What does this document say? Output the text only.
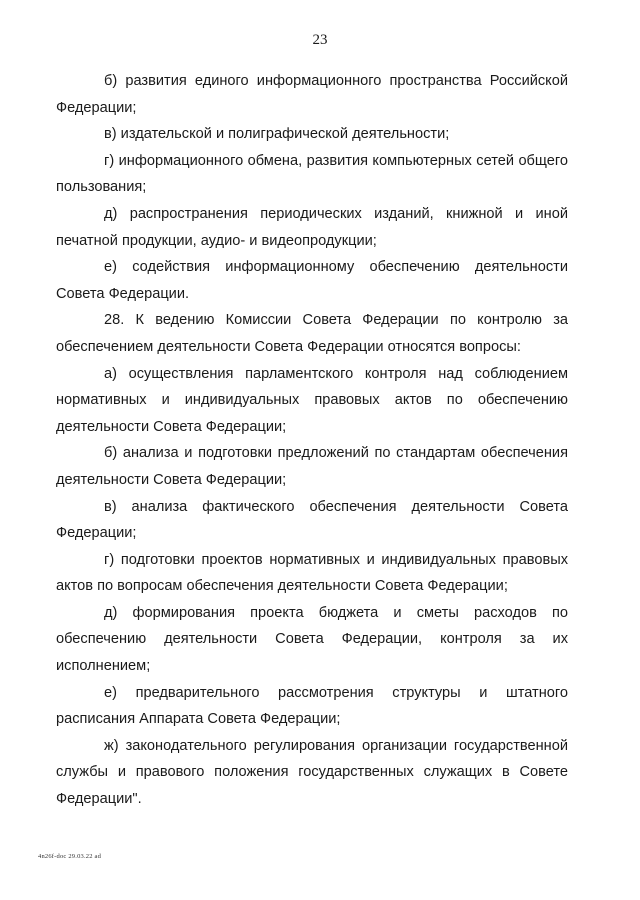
23

б) развития единого информационного пространства Российской Федерации;

в) издательской и полиграфической деятельности;

г) информационного обмена, развития компьютерных сетей общего пользования;

д) распространения периодических изданий, книжной и иной печатной продукции, аудио- и видеопродукции;

е) содействия информационному обеспечению деятельности Совета Федерации.

28. К ведению Комиссии Совета Федерации по контролю за обеспечением деятельности Совета Федерации относятся вопросы:

а) осуществления парламентского контроля над соблюдением нормативных и индивидуальных правовых актов по обеспечению деятельности Совета Федерации;

б) анализа и подготовки предложений по стандартам обеспечения деятельности Совета Федерации;

в) анализа фактического обеспечения деятельности Совета Федерации;

г) подготовки проектов нормативных и индивидуальных правовых актов по вопросам обеспечения деятельности Совета Федерации;

д) формирования проекта бюджета и сметы расходов по обеспечению деятельности Совета Федерации, контроля за их исполнением;

е) предварительного рассмотрения структуры и штатного расписания Аппарата Совета Федерации;

ж) законодательного регулирования организации государственной службы и правового положения государственных служащих в Совете Федерации".

4n26f-doc 29.03.22 ad
